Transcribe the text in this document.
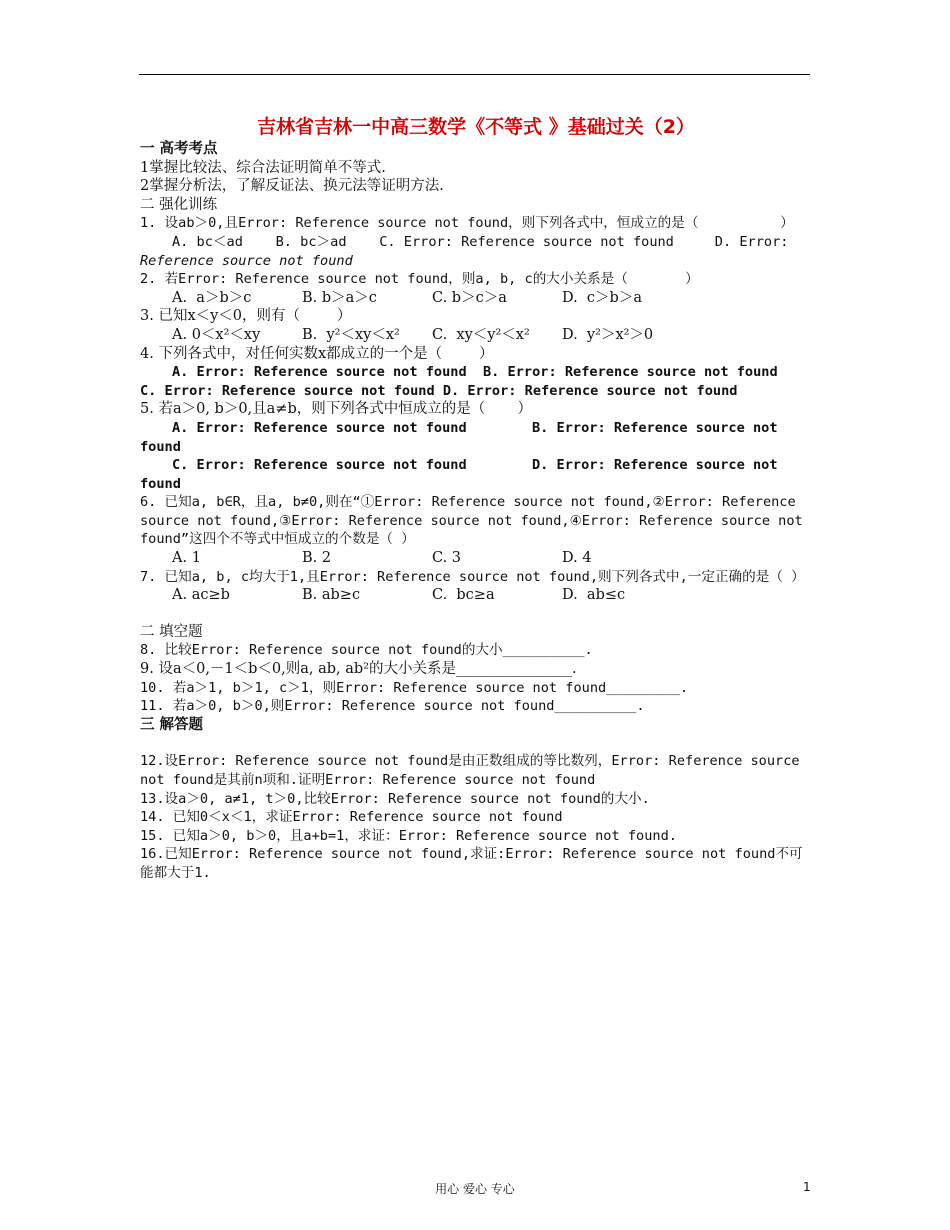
吉林省吉林一中高三数学《不等式 》基础过关（2）
一 高考考点
1掌握比较法、综合法证明简单不等式.
2掌握分析法，了解反证法、换元法等证明方法.
二 强化训练
1. 设ab＞0,且Error: Reference source not found，则下列各式中，恒成立的是（          ）
A. bc＜ad    B. bc＞ad    C. Error: Reference source not found     D. Error:
Reference source not found
2. 若Error: Reference source not found，则a, b, c的大小关系是（       ）
A.  a＞b＞c	B. b＞a＞c	C. b＞c＞a	D.  c＞b＞a
3. 已知x＜y＜0，则有（        ）
A. 0＜x²＜xy	B.  y²＜xy＜x² C.  xy＜y²＜x² D.  y²＞x²＞0
4. 下列各式中，对任何实数x都成立的一个是（        ）
A. Error: Reference source not found  B. Error: Reference source not found
C. Error: Reference source not found D. Error: Reference source not found
5. 若a＞0, b＞0,且a≠b，则下列各式中恒成立的是（       ）
A. Error: Reference source not found	B. Error: Reference source not
found
C. Error: Reference source not found	D. Error: Reference source not
found
6. 已知a, b∈R，且a, b≠0,则在“①Error: Reference source not found,②Error: Reference source not found,③Error: Reference source not found,④Error: Reference source not found”这四个不等式中恒成立的个数是（ ）
A. 1	B. 2	C. 3	D. 4
7. 已知a, b, c均大于1,且Error: Reference source not found,则下列各式中,一定正确的是（ ）
A. ac≥b	B. ab≥c	C.  bc≥a	D.  ab≤c
二 填空题
8. 比较Error: Reference source not found的大小__________.
9. 设a＜0,－1＜b＜0,则a, ab, ab²的大小关系是________________.
10. 若a＞1, b＞1, c＞1，则Error: Reference source not found_________.
11. 若a＞0, b＞0,则Error: Reference source not found__________.
三 解答题
12.设Error: Reference source not found是由正数组成的等比数列，Error: Reference source not found是其前n项和.证明Error: Reference source not found
13.设a＞0, a≠1, t＞0,比较Error: Reference source not found的大小.
14. 已知0＜x＜1，求证Error: Reference source not found
15. 已知a＞0, b＞0，且a+b=1，求证：Error: Reference source not found.
16.已知Error: Reference source not found,求证:Error: Reference source not found不可能都大于1.
用心 爱心 专心	1
